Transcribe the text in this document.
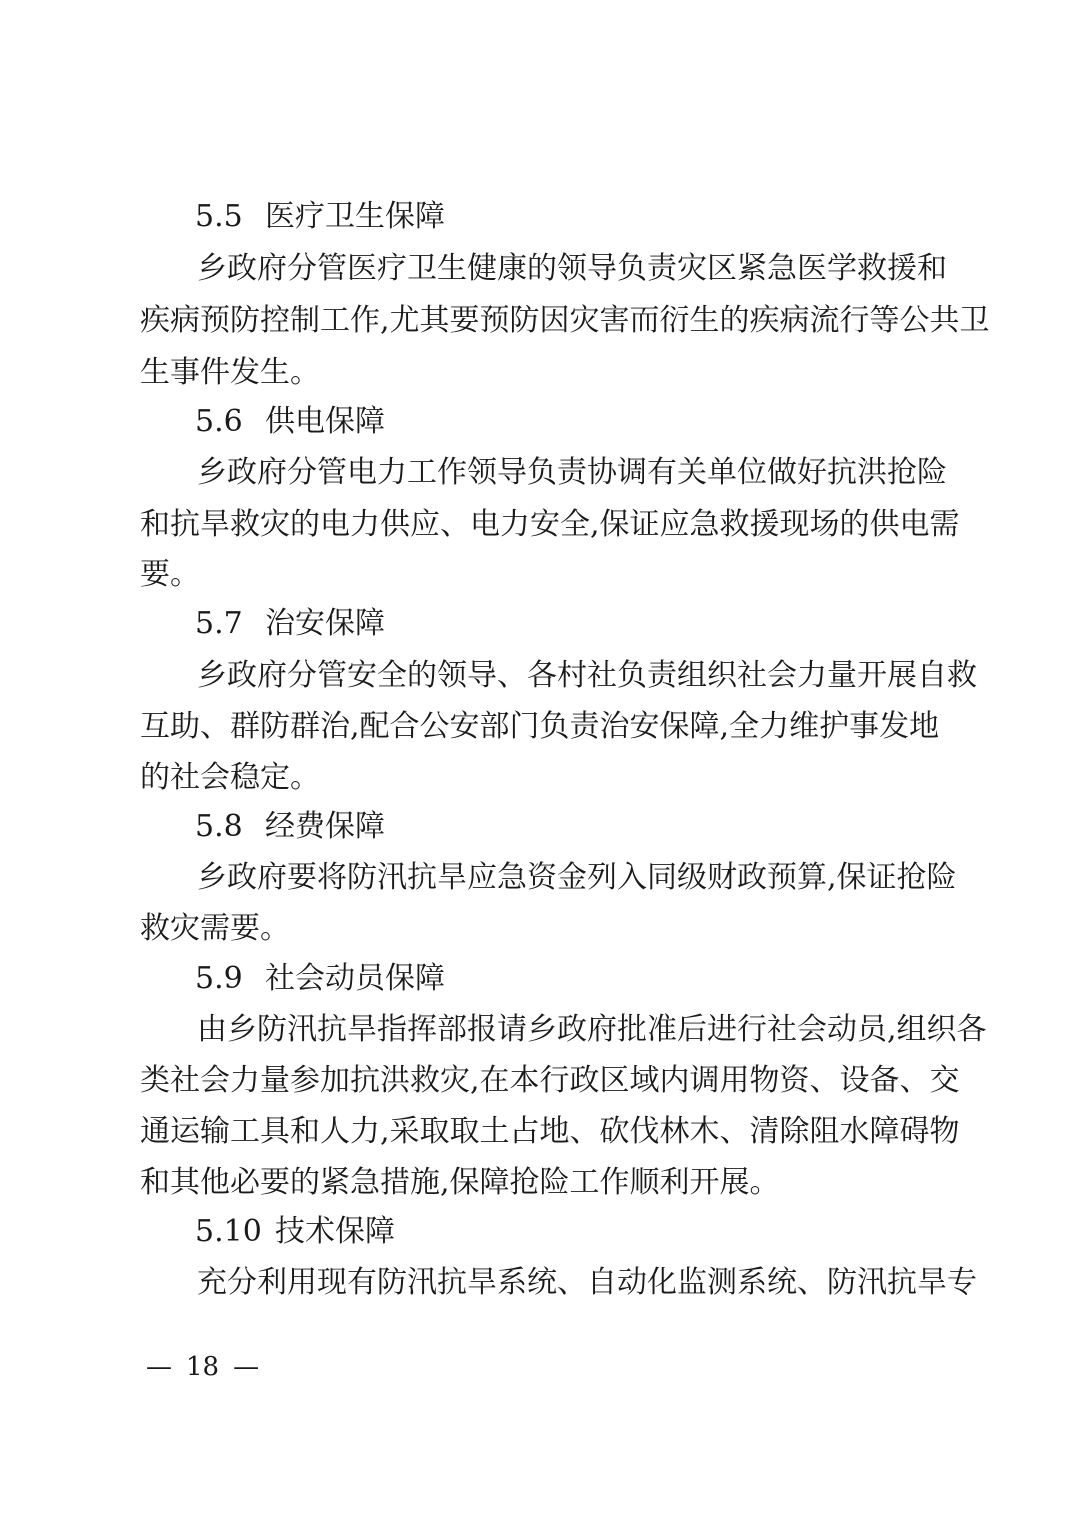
5.5 医疗卫生保障
乡政府分管医疗卫生健康的领导负责灾区紧急医学救援和
疾病预防控制工作,尤其要预防因灾害而衍生的疾病流行等公共卫
生事件发生。
5.6 供电保障
乡政府分管电力工作领导负责协调有关单位做好抗洪抢险
和抗旱救灾的电力供应、电力安全,保证应急救援现场的供电需
要。
5.7 治安保障
乡政府分管安全的领导、各村社负责组织社会力量开展自救
互助、群防群治,配合公安部门负责治安保障,全力维护事发地
的社会稳定。
5.8 经费保障
乡政府要将防汛抗旱应急资金列入同级财政预算,保证抢险
救灾需要。
5.9 社会动员保障
由乡防汛抗旱指挥部报请乡政府批准后进行社会动员,组织各
类社会力量参加抗洪救灾,在本行政区域内调用物资、设备、交
通运输工具和人力,采取取土占地、砍伐林木、清除阻水障碍物
和其他必要的紧急措施,保障抢险工作顺利开展。
5.10 技术保障
充分利用现有防汛抗旱系统、自动化监测系统、防汛抗旱专
— 18 —
